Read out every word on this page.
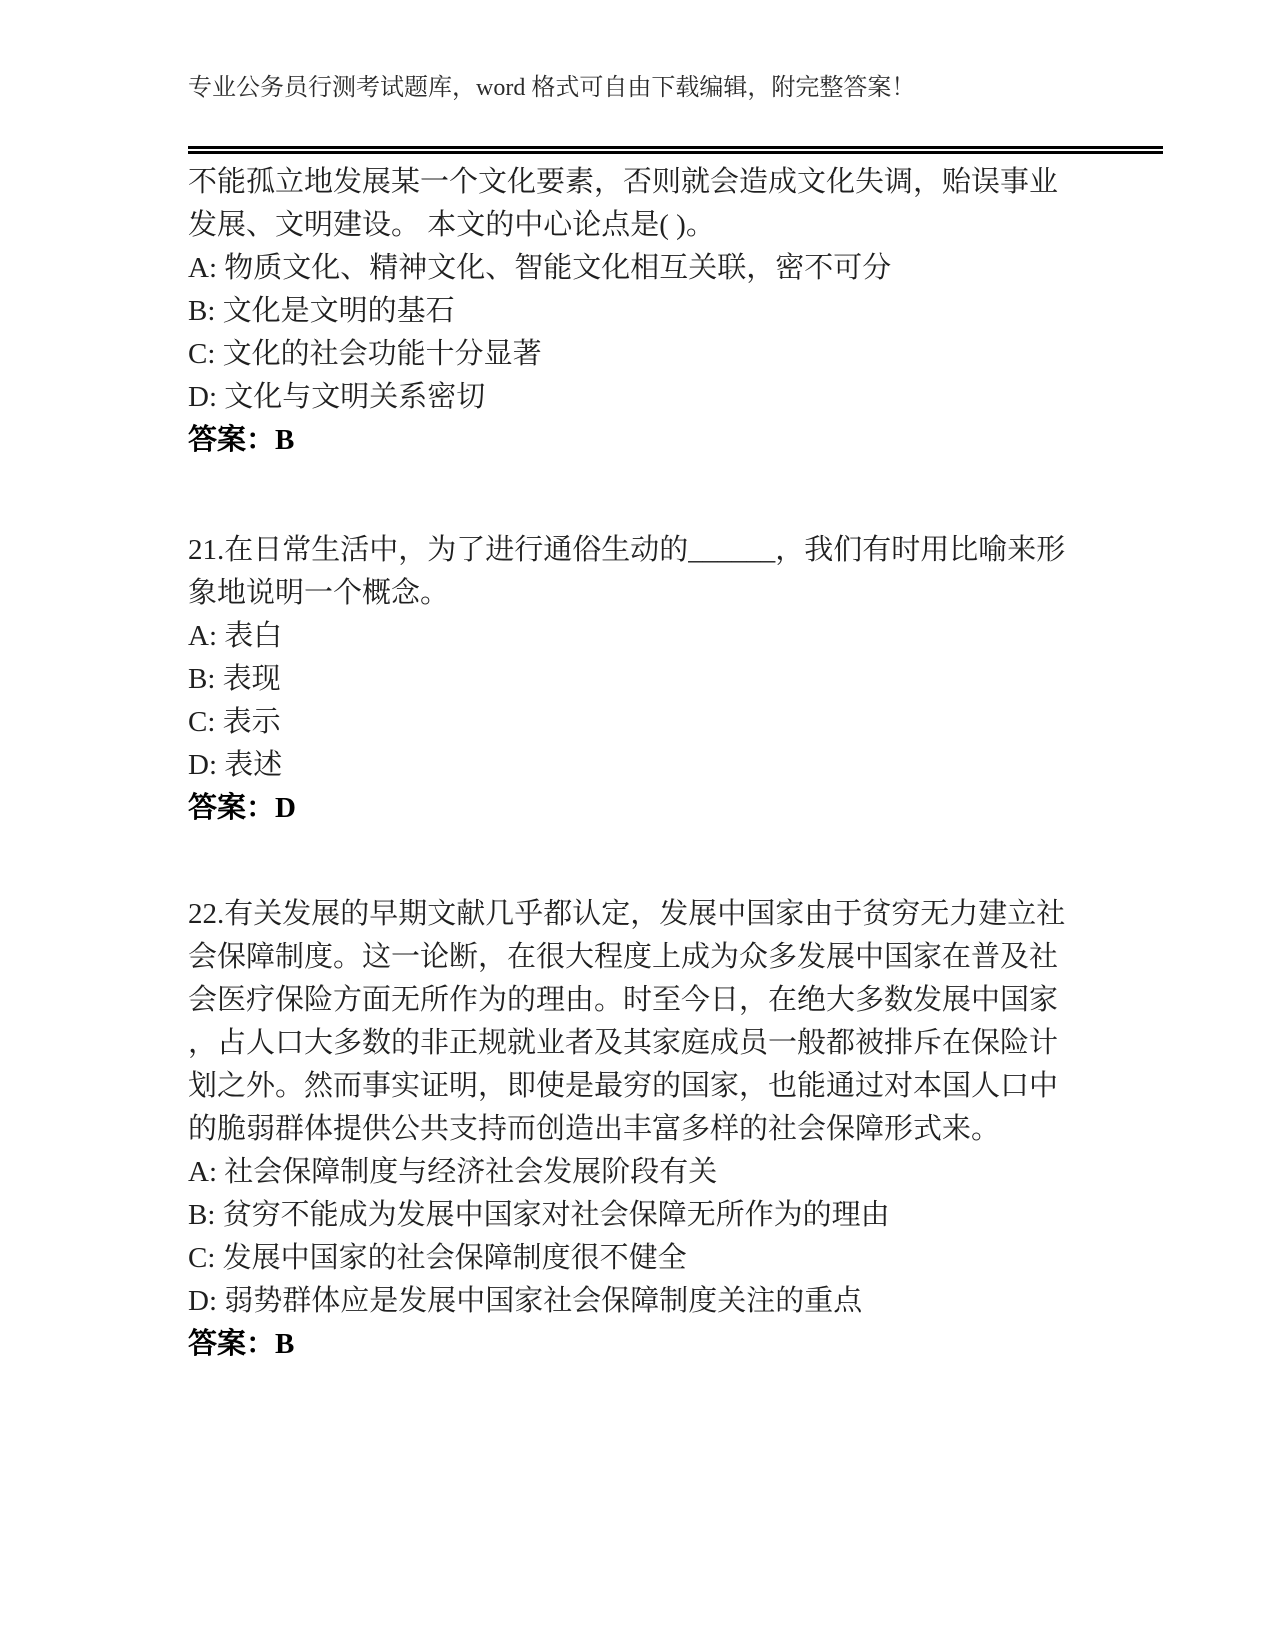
专业公务员行测考试题库，word 格式可自由下载编辑，附完整答案！
不能孤立地发展某一个文化要素，否则就会造成文化失调，贻误事业
发展、文明建设。 本文的中心论点是( )。
A: 物质文化、精神文化、智能文化相互关联，密不可分
B: 文化是文明的基石
C: 文化的社会功能十分显著
D: 文化与文明关系密切
答案：B
21.在日常生活中，为了进行通俗生动的______，我们有时用比喻来形
象地说明一个概念。
A: 表白
B: 表现
C: 表示
D: 表述
答案：D
22.有关发展的早期文献几乎都认定，发展中国家由于贫穷无力建立社
会保障制度。这一论断，在很大程度上成为众多发展中国家在普及社
会医疗保险方面无所作为的理由。时至今日，在绝大多数发展中国家
，占人口大多数的非正规就业者及其家庭成员一般都被排斥在保险计
划之外。然而事实证明，即使是最穷的国家，也能通过对本国人口中
的脆弱群体提供公共支持而创造出丰富多样的社会保障形式来。
A: 社会保障制度与经济社会发展阶段有关
B: 贫穷不能成为发展中国家对社会保障无所作为的理由
C: 发展中国家的社会保障制度很不健全
D: 弱势群体应是发展中国家社会保障制度关注的重点
答案：B
